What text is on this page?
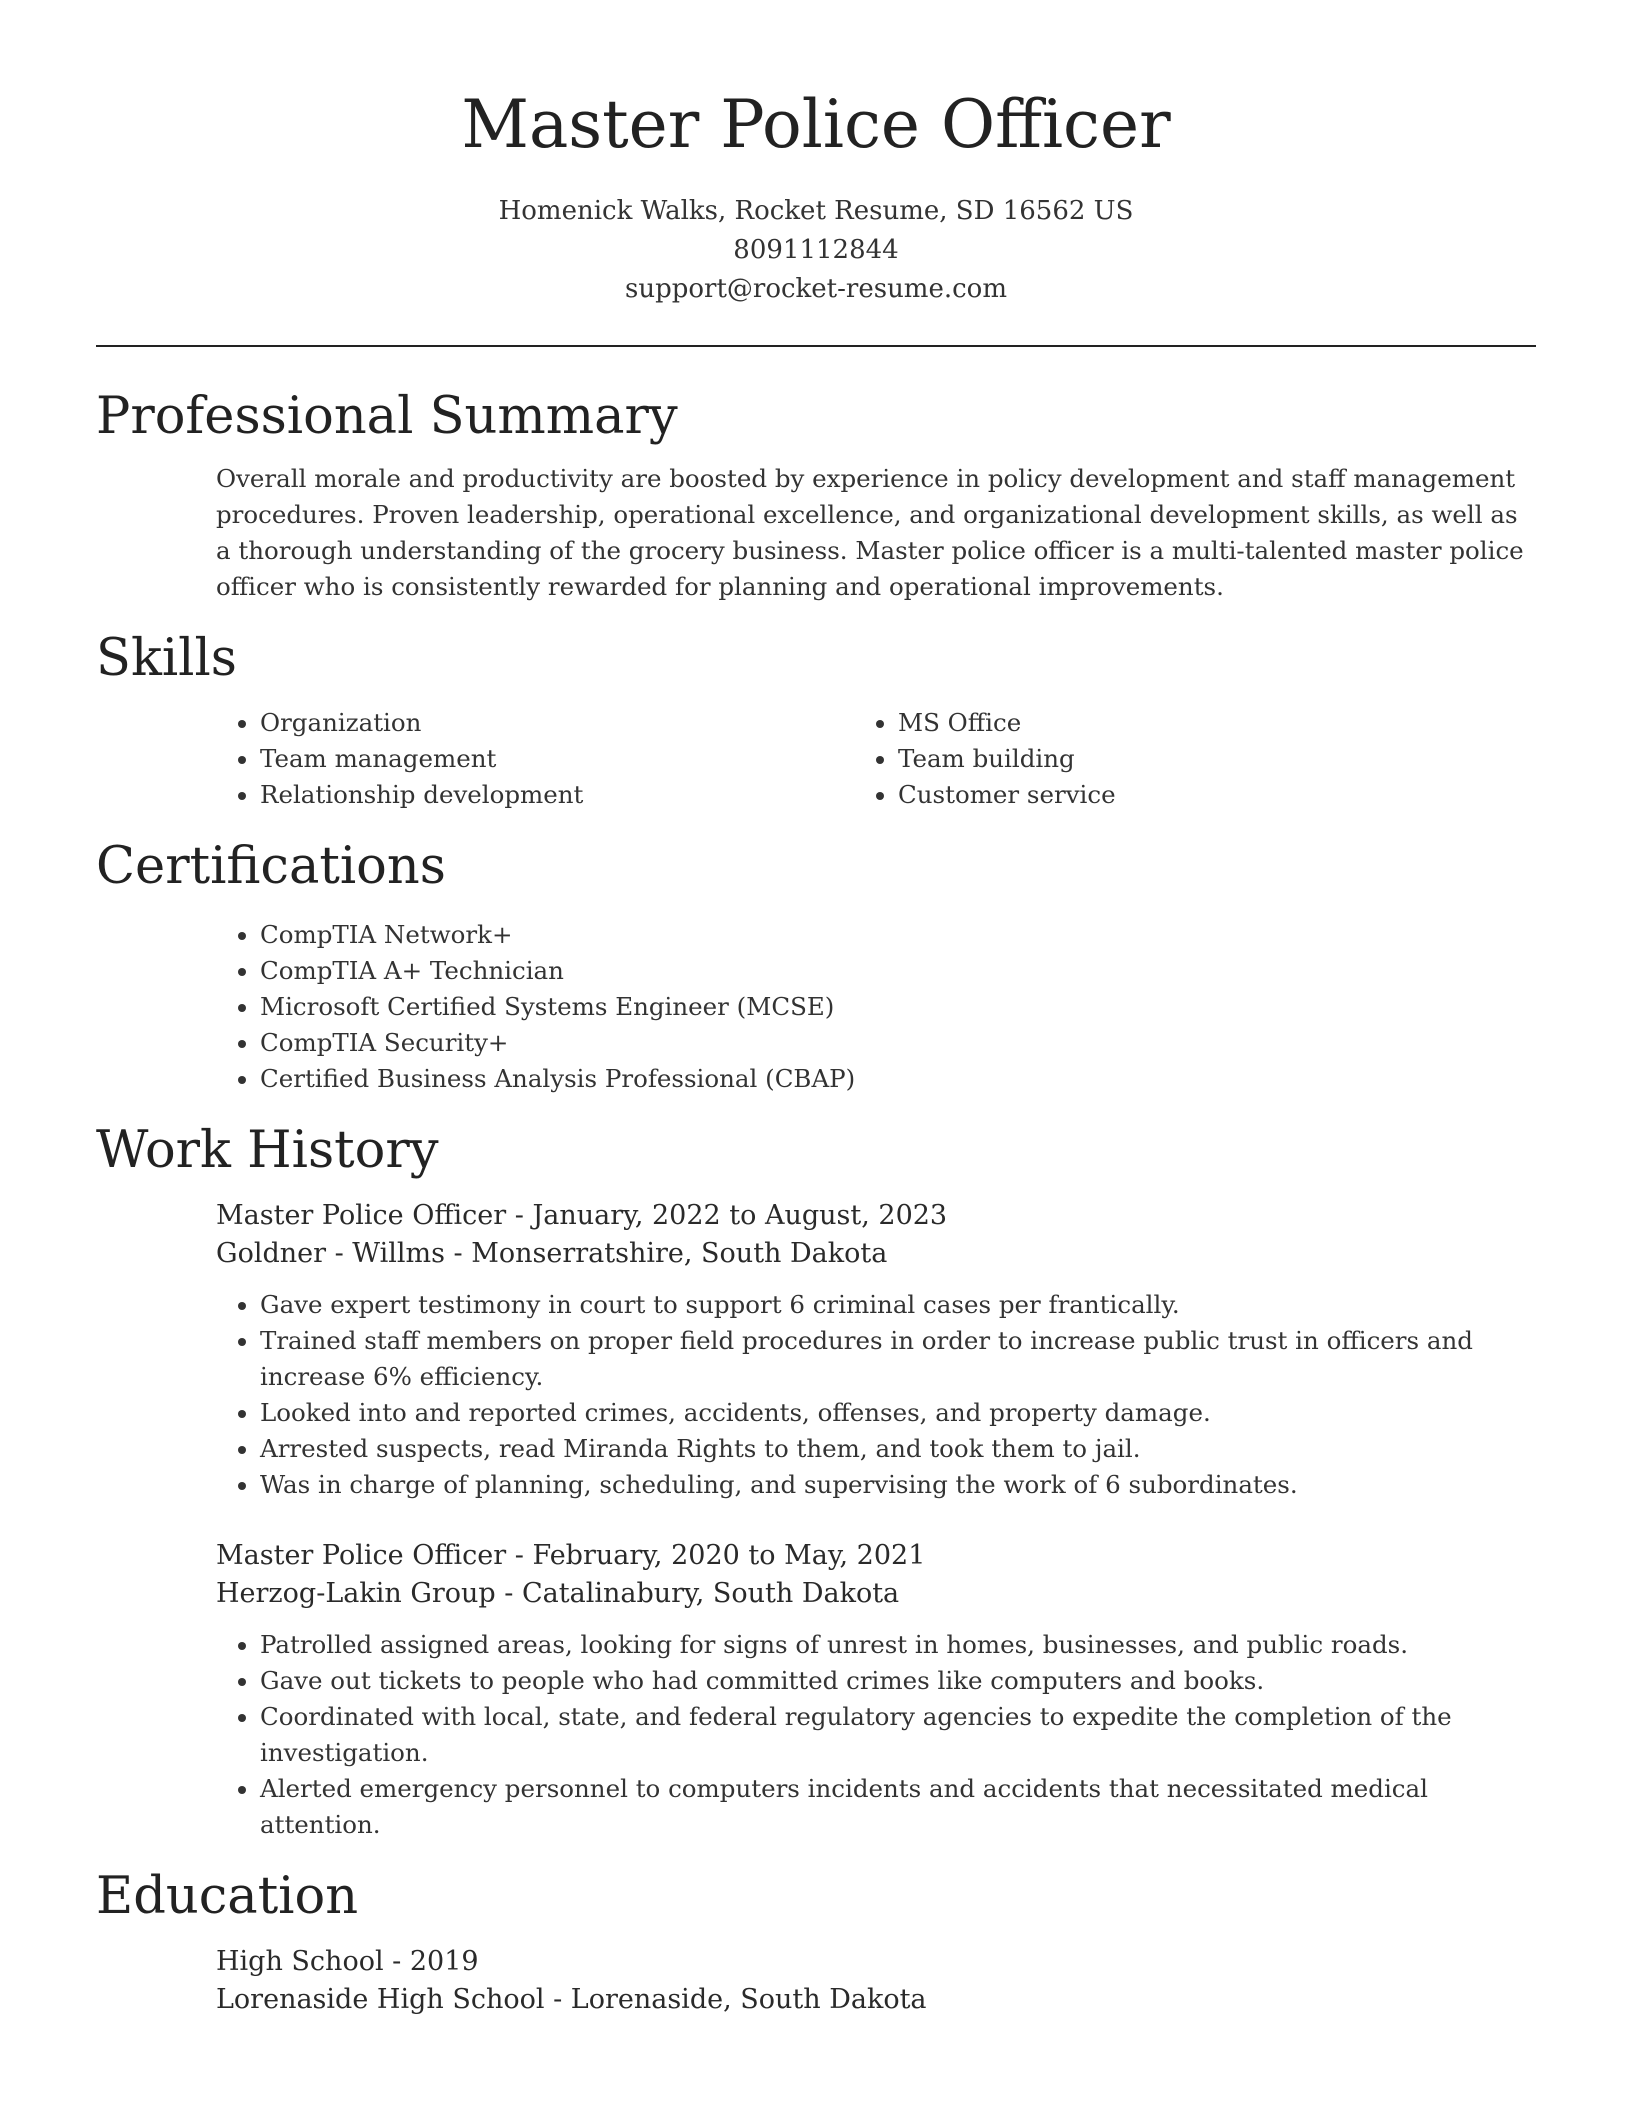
Master Police Officer
Homenick Walks, Rocket Resume, SD 16562 US
8091112844
support@rocket-resume.com
Professional Summary

Overall morale and productivity are boosted by experience in policy development and staff management procedures. Proven leadership, operational excellence, and organizational development skills, as well as a thorough understanding of the grocery business. Master police officer is a multi-talented master police officer who is consistently rewarded for planning and operational improvements.

Skills
• Organization
• Team management
• Relationship development
• MS Office
• Team building
• Customer service
Certifications
• CompTIA Network+
• CompTIA A+ Technician
• Microsoft Certified Systems Engineer (MCSE)
• CompTIA Security+
• Certified Business Analysis Professional (CBAP)
Work History
Master Police Officer - January, 2022 to August, 2023
Goldner - Willms - Monserratshire, South Dakota
• Gave expert testimony in court to support 6 criminal cases per frantically.
• Trained staff members on proper field procedures in order to increase public trust in officers and increase 6% efficiency.
• Looked into and reported crimes, accidents, offenses, and property damage.
• Arrested suspects, read Miranda Rights to them, and took them to jail.
• Was in charge of planning, scheduling, and supervising the work of 6 subordinates.
Master Police Officer - February, 2020 to May, 2021
Herzog-Lakin Group - Catalinabury, South Dakota
• Patrolled assigned areas, looking for signs of unrest in homes, businesses, and public roads.
• Gave out tickets to people who had committed crimes like computers and books.
• Coordinated with local, state, and federal regulatory agencies to expedite the completion of the investigation.
• Alerted emergency personnel to computers incidents and accidents that necessitated medical attention.
Education
High School - 2019
Lorenaside High School - Lorenaside, South Dakota
